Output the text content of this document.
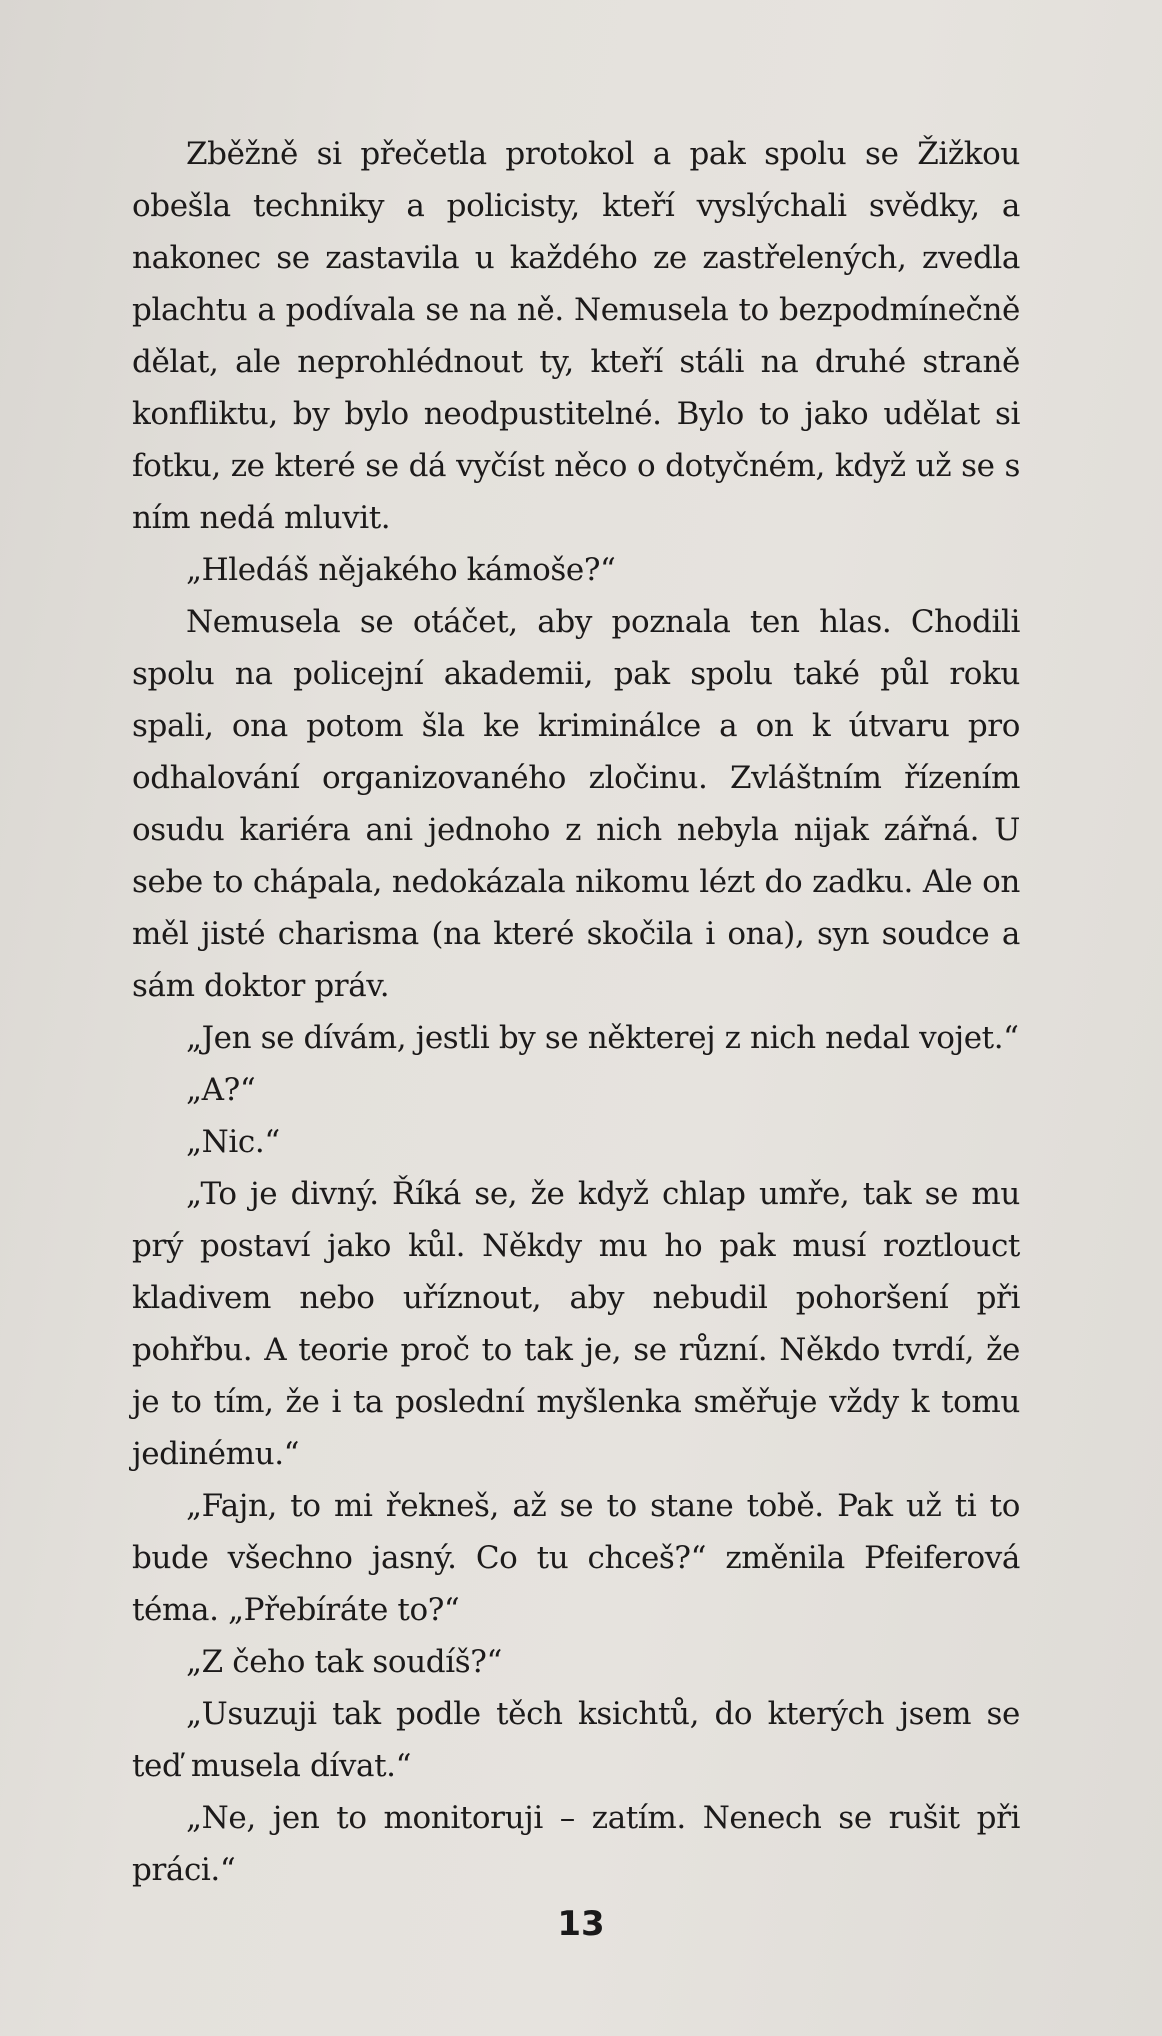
Zběžně si přečetla protokol a pak spolu se Žižkou obešla techniky a policisty, kteří vyslýchali svědky, a nakonec se zastavila u každého ze zastřelených, zvedla plachtu a podívala se na ně. Nemusela to bezpodmínečně dělat, ale neprohlédnout ty, kteří stáli na druhé straně konfliktu, by bylo neodpustitelné. Bylo to jako udělat si fotku, ze které se dá vyčíst něco o dotyčném, když už se s ním nedá mluvit.

„Hledáš nějakého kámoše?“

Nemusela se otáčet, aby poznala ten hlas. Chodili spolu na policejní akademii, pak spolu také půl roku spali, ona potom šla ke kriminálce a on k útvaru pro odhalování organizovaného zločinu. Zvláštním řízením osudu kariéra ani jednoho z nich nebyla nijak zářná. U sebe to chápala, nedokázala nikomu lézt do zadku. Ale on měl jisté charisma (na které skočila i ona), syn soudce a sám doktor práv.

„Jen se dívám, jestli by se některej z nich nedal vojet.“

„A?“

„Nic.“

„To je divný. Říká se, že když chlap umře, tak se mu prý postaví jako kůl. Někdy mu ho pak musí roztlouct kladivem nebo uříznout, aby nebudil pohoršení při pohřbu. A teorie proč to tak je, se různí. Někdo tvrdí, že je to tím, že i ta poslední myšlenka směřuje vždy k tomu jedinému.“

„Fajn, to mi řekneš, až se to stane tobě. Pak už ti to bude všechno jasný. Co tu chceš?“ změnila Pfeiferová téma. „Přebíráte to?“

„Z čeho tak soudíš?“

„Usuzuji tak podle těch ksichtů, do kterých jsem se teď musela dívat.“

„Ne, jen to monitoruji – zatím. Nenech se rušit při práci.“

13
